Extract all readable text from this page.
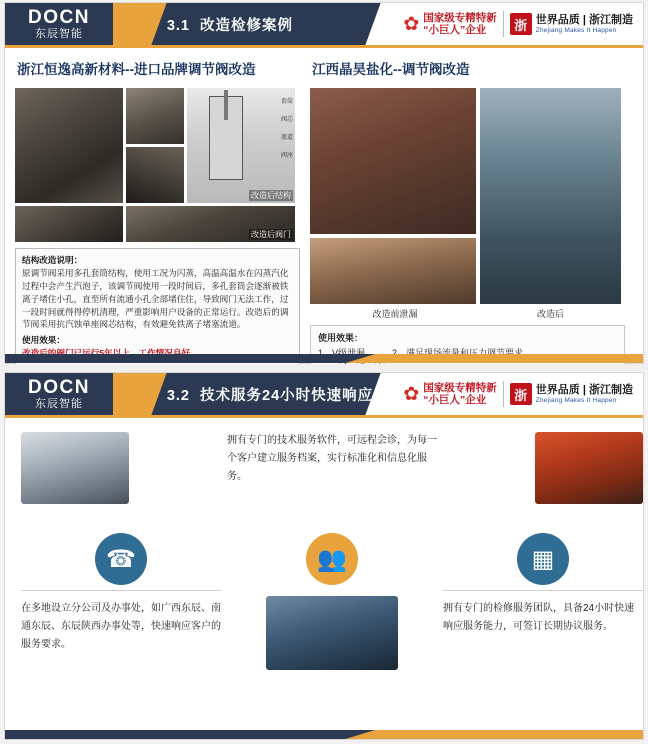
DOCN
东辰智能
3.1 改造检修案例	✿ 国家级专精特新
“小巨人”企业	浙 世界品质 | 浙江制造
Zhejiang Makes It Happen
浙江恒逸高新材料--进口品牌调节阀改造
套筒
阀芯
流道
阀座
改造后结构
改造后阀门
结构改造说明：
原调节阀采用多孔套筒结构，使用工况为闪蒸，高温高温水在闪蒸汽化过程中会产生汽泡子，该调节阀使用一段时间后，多孔套筒会逐渐被铁离子堵住小孔，直至所有流通小孔全部堵住住，导致阀门无法工作，过一段时间就得得停机清理，严重影响用户设备的正常运行。改造后的调节阀采用抗汽蚀单座阀芯结构，有效避免铁离子堵塞流道。
使用效果：
江西晶昊盐化--调节阀改造
改造前泄漏	改造后
使用效果：
DOCN
东辰智能
3.2 技术服务24小时快速响应 ✿ 国家级专精特新
“小巨人”企业	浙 世界品质 | 浙江制造
Zhejiang Makes It Happen
拥有专门的技术服务软件，可远程会诊，为每一个客户建立服务档案，实行标准化和信息化服务。
☎	👥	▦
在多地设立分公司及办事处，如广西东辰、南通东辰、东辰陕西办事处等，快速响应客户的服务要求。
拥有专门的检修服务团队，具备24小时快速响应服务能力，可签订长期协议服务。
